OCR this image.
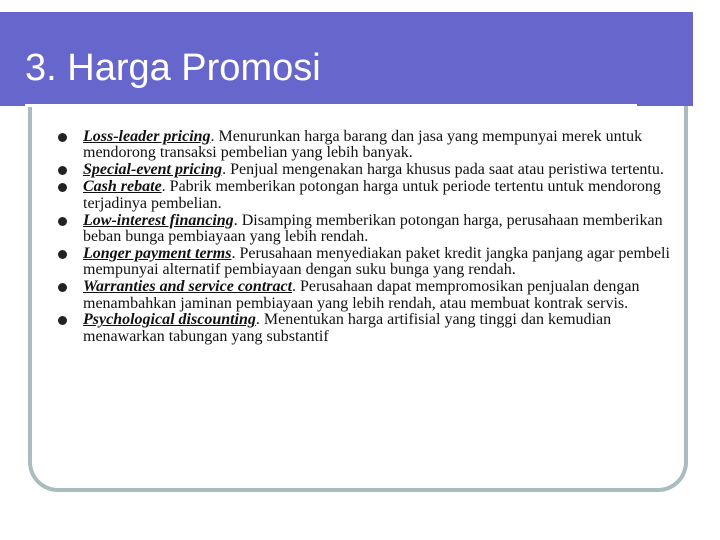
3. Harga Promosi
Loss-leader pricing. Menurunkan harga barang dan jasa yang mempunyai merek untuk mendorong transaksi pembelian yang lebih banyak.
Special-event pricing. Penjual mengenakan harga khusus pada saat atau peristiwa tertentu.
Cash rebate. Pabrik memberikan potongan harga untuk periode tertentu untuk mendorong terjadinya pembelian.
Low-interest financing. Disamping memberikan potongan harga, perusahaan memberikan beban bunga pembiayaan yang lebih rendah.
Longer payment terms. Perusahaan menyediakan paket kredit jangka panjang agar pembeli mempunyai alternatif pembiayaan dengan suku bunga yang rendah.
Warranties and service contract. Perusahaan dapat mempromosikan penjualan dengan menambahkan jaminan pembiayaan yang lebih rendah, atau membuat kontrak servis.
Psychological discounting. Menentukan harga artifisial yang tinggi dan kemudian menawarkan tabungan yang substantif
